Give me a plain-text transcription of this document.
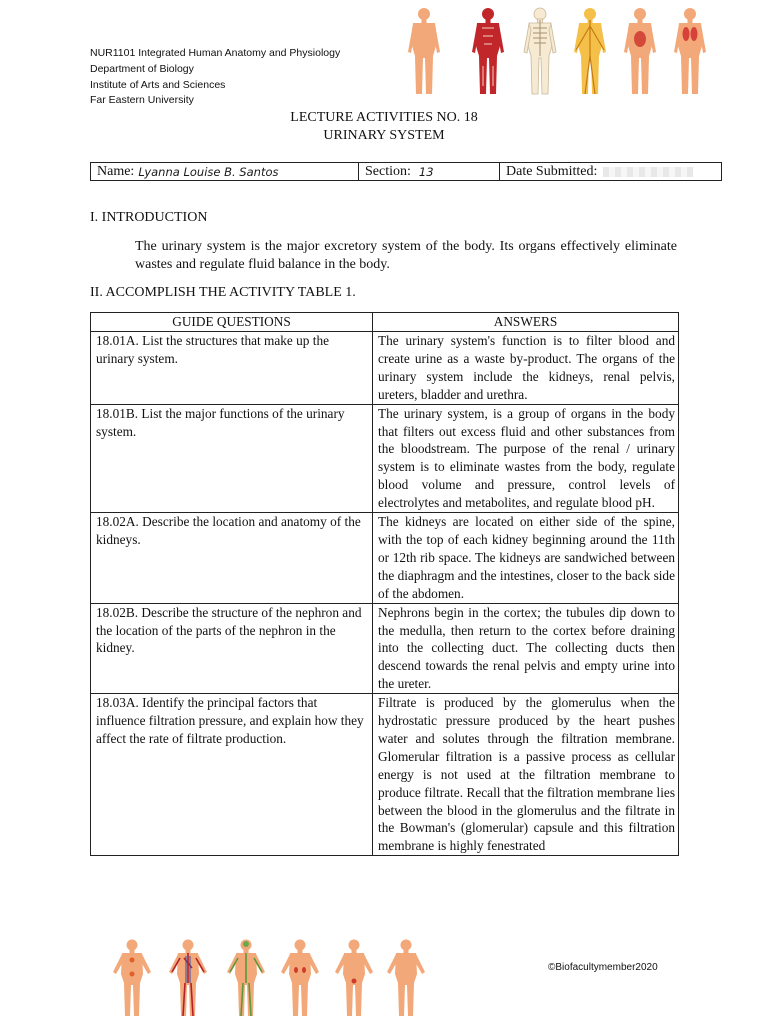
NUR1101 Integrated Human Anatomy and Physiology
Department of Biology
Institute of Arts and Sciences
Far Eastern University
LECTURE ACTIVITIES NO. 18
URINARY SYSTEM
Name: Lyanna Louise B. Santos	Section: 13	Date Submitted:
I. INTRODUCTION
The urinary system is the major excretory system of the body. Its organs effectively eliminate wastes and regulate fluid balance in the body.
II. ACCOMPLISH THE ACTIVITY TABLE 1.
GUIDE QUESTIONS	ANSWERS
18.01A. List the structures that make up the urinary system.	The urinary system's function is to filter blood and create urine as a waste by-product. The organs of the urinary system include the kidneys, renal pelvis, ureters, bladder and urethra.
18.01B. List the major functions of the urinary system.	The urinary system, is a group of organs in the body that filters out excess fluid and other substances from the bloodstream. The purpose of the renal / urinary system is to eliminate wastes from the body, regulate blood volume and pressure, control levels of electrolytes and metabolites, and regulate blood pH.
18.02A. Describe the location and anatomy of the kidneys.	The kidneys are located on either side of the spine, with the top of each kidney beginning around the 11th or 12th rib space. The kidneys are sandwiched between the diaphragm and the intestines, closer to the back side of the abdomen.
18.02B. Describe the structure of the nephron and the location of the parts of the nephron in the kidney.	Nephrons begin in the cortex; the tubules dip down to the medulla, then return to the cortex before draining into the collecting duct. The collecting ducts then descend towards the renal pelvis and empty urine into the ureter.
18.03A. Identify the principal factors that influence filtration pressure, and explain how they affect the rate of filtrate production.	Filtrate is produced by the glomerulus when the hydrostatic pressure produced by the heart pushes water and solutes through the filtration membrane. Glomerular filtration is a passive process as cellular energy is not used at the filtration membrane to produce filtrate. Recall that the filtration membrane lies between the blood in the glomerulus and the filtrate in the Bowman's (glomerular) capsule and this filtration membrane is highly fenestrated
©Biofacultymember2020
